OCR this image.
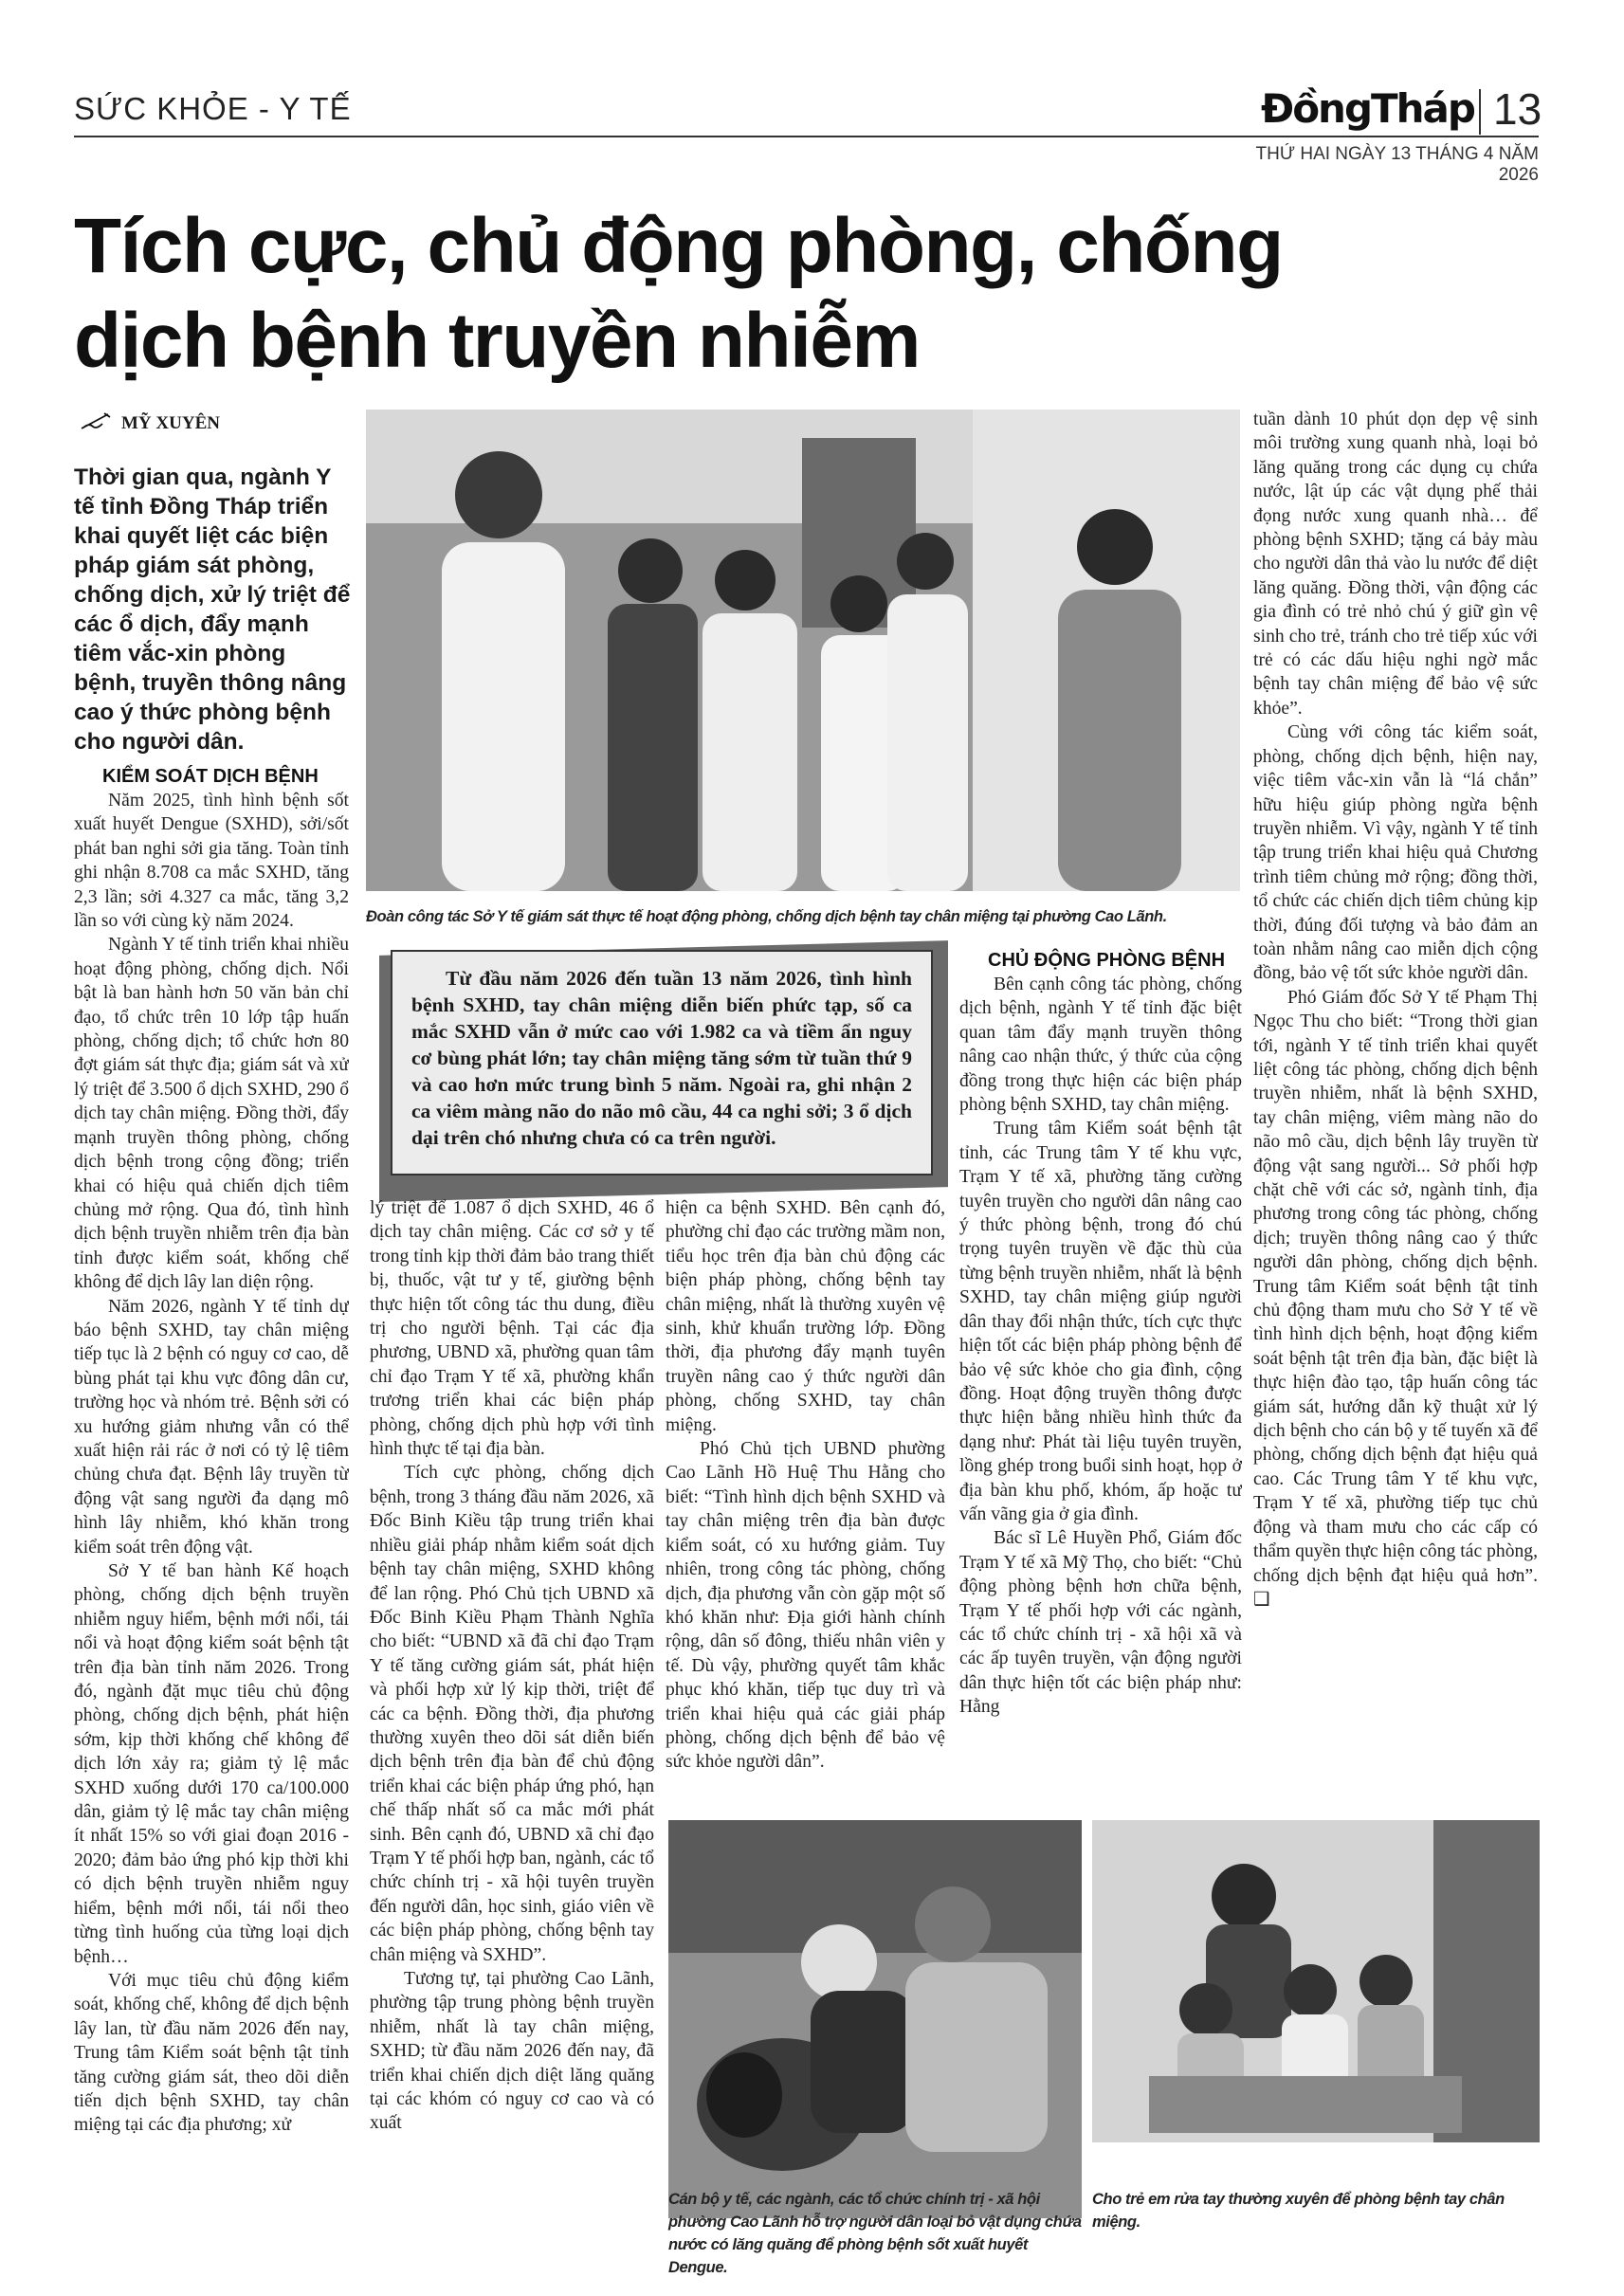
SỨC KHỎE - Y TẾ	ĐồngTháp 13
THỨ HAI NGÀY 13 THÁNG 4 NĂM 2026
Tích cực, chủ động phòng, chống
dịch bệnh truyền nhiễm
MỸ XUYÊN
Thời gian qua, ngành Y tế tỉnh Đồng Tháp triển khai quyết liệt các biện pháp giám sát phòng, chống dịch, xử lý triệt để các ổ dịch, đẩy mạnh tiêm vắc-xin phòng bệnh, truyền thông nâng cao ý thức phòng bệnh cho người dân.
KIỂM SOÁT DỊCH BỆNH

Năm 2025, tình hình bệnh sốt xuất huyết Dengue (SXHD), sởi/sốt phát ban nghi sởi gia tăng. Toàn tỉnh ghi nhận 8.708 ca mắc SXHD, tăng 2,3 lần; sởi 4.327 ca mắc, tăng 3,2 lần so với cùng kỳ năm 2024.

Ngành Y tế tỉnh triển khai nhiều hoạt động phòng, chống dịch. Nổi bật là ban hành hơn 50 văn bản chỉ đạo, tổ chức trên 10 lớp tập huấn phòng, chống dịch; tổ chức hơn 80 đợt giám sát thực địa; giám sát và xử lý triệt để 3.500 ổ dịch SXHD, 290 ổ dịch tay chân miệng. Đồng thời, đẩy mạnh truyền thông phòng, chống dịch bệnh trong cộng đồng; triển khai có hiệu quả chiến dịch tiêm chủng mở rộng. Qua đó, tình hình dịch bệnh truyền nhiễm trên địa bàn tỉnh được kiểm soát, khống chế không để dịch lây lan diện rộng.

Năm 2026, ngành Y tế tỉnh dự báo bệnh SXHD, tay chân miệng tiếp tục là 2 bệnh có nguy cơ cao, dễ bùng phát tại khu vực đông dân cư, trường học và nhóm trẻ. Bệnh sởi có xu hướng giảm nhưng vẫn có thể xuất hiện rải rác ở nơi có tỷ lệ tiêm chủng chưa đạt. Bệnh lây truyền từ động vật sang người đa dạng mô hình lây nhiễm, khó khăn trong kiểm soát trên động vật.

Sở Y tế ban hành Kế hoạch phòng, chống dịch bệnh truyền nhiễm nguy hiểm, bệnh mới nổi, tái nổi và hoạt động kiểm soát bệnh tật trên địa bàn tỉnh năm 2026. Trong đó, ngành đặt mục tiêu chủ động phòng, chống dịch bệnh, phát hiện sớm, kịp thời khống chế không để dịch lớn xảy ra; giảm tỷ lệ mắc SXHD xuống dưới 170 ca/100.000 dân, giảm tỷ lệ mắc tay chân miệng ít nhất 15% so với giai đoạn 2016 - 2020; đảm bảo ứng phó kịp thời khi có dịch bệnh truyền nhiễm nguy hiểm, bệnh mới nổi, tái nổi theo từng tình huống của từng loại dịch bệnh…

Với mục tiêu chủ động kiểm soát, khống chế, không để dịch bệnh lây lan, từ đầu năm 2026 đến nay, Trung tâm Kiểm soát bệnh tật tỉnh tăng cường giám sát, theo dõi diễn tiến dịch bệnh SXHD, tay chân miệng tại các địa phương; xử

Đoàn công tác Sở Y tế giám sát thực tế hoạt động phòng, chống dịch bệnh tay chân miệng tại phường Cao Lãnh.
Từ đầu năm 2026 đến tuần 13 năm 2026, tình hình bệnh SXHD, tay chân miệng diễn biến phức tạp, số ca mắc SXHD vẫn ở mức cao với 1.982 ca và tiềm ẩn nguy cơ bùng phát lớn; tay chân miệng tăng sớm từ tuần thứ 9 và cao hơn mức trung bình 5 năm. Ngoài ra, ghi nhận 2 ca viêm màng não do não mô cầu, 44 ca nghi sởi; 3 ổ dịch dại trên chó nhưng chưa có ca trên người.

lý triệt để 1.087 ổ dịch SXHD, 46 ổ dịch tay chân miệng. Các cơ sở y tế trong tỉnh kịp thời đảm bảo trang thiết bị, thuốc, vật tư y tế, giường bệnh thực hiện tốt công tác thu dung, điều trị cho người bệnh. Tại các địa phương, UBND xã, phường quan tâm chỉ đạo Trạm Y tế xã, phường khẩn trương triển khai các biện pháp phòng, chống dịch phù hợp với tình hình thực tế tại địa bàn.

Tích cực phòng, chống dịch bệnh, trong 3 tháng đầu năm 2026, xã Đốc Binh Kiều tập trung triển khai nhiều giải pháp nhằm kiểm soát dịch bệnh tay chân miệng, SXHD không để lan rộng. Phó Chủ tịch UBND xã Đốc Binh Kiều Phạm Thành Nghĩa cho biết: “UBND xã đã chỉ đạo Trạm Y tế tăng cường giám sát, phát hiện và phối hợp xử lý kịp thời, triệt để các ca bệnh. Đồng thời, địa phương thường xuyên theo dõi sát diễn biến dịch bệnh trên địa bàn để chủ động triển khai các biện pháp ứng phó, hạn chế thấp nhất số ca mắc mới phát sinh. Bên cạnh đó, UBND xã chỉ đạo Trạm Y tế phối hợp ban, ngành, các tổ chức chính trị - xã hội tuyên truyền đến người dân, học sinh, giáo viên về các biện pháp phòng, chống bệnh tay chân miệng và SXHD”.

Tương tự, tại phường Cao Lãnh, phường tập trung phòng bệnh truyền nhiễm, nhất là tay chân miệng, SXHD; từ đầu năm 2026 đến nay, đã triển khai chiến dịch diệt lăng quăng tại các khóm có nguy cơ cao và có xuất

hiện ca bệnh SXHD. Bên cạnh đó, phường chỉ đạo các trường mầm non, tiểu học trên địa bàn chủ động các biện pháp phòng, chống bệnh tay chân miệng, nhất là thường xuyên vệ sinh, khử khuẩn trường lớp. Đồng thời, địa phương đẩy mạnh tuyên truyền nâng cao ý thức người dân phòng, chống SXHD, tay chân miệng.

Phó Chủ tịch UBND phường Cao Lãnh Hồ Huệ Thu Hằng cho biết: “Tình hình dịch bệnh SXHD và tay chân miệng trên địa bàn được kiểm soát, có xu hướng giảm. Tuy nhiên, trong công tác phòng, chống dịch, địa phương vẫn còn gặp một số khó khăn như: Địa giới hành chính rộng, dân số đông, thiếu nhân viên y tế. Dù vậy, phường quyết tâm khắc phục khó khăn, tiếp tục duy trì và triển khai hiệu quả các giải pháp phòng, chống dịch bệnh để bảo vệ sức khỏe người dân”.

CHỦ ĐỘNG PHÒNG BỆNH

Bên cạnh công tác phòng, chống dịch bệnh, ngành Y tế tỉnh đặc biệt quan tâm đẩy mạnh truyền thông nâng cao nhận thức, ý thức của cộng đồng trong thực hiện các biện pháp phòng bệnh SXHD, tay chân miệng.

Trung tâm Kiểm soát bệnh tật tỉnh, các Trung tâm Y tế khu vực, Trạm Y tế xã, phường tăng cường tuyên truyền cho người dân nâng cao ý thức phòng bệnh, trong đó chú trọng tuyên truyền về đặc thù của từng bệnh truyền nhiễm, nhất là bệnh SXHD, tay chân miệng giúp người dân thay đổi nhận thức, tích cực thực hiện tốt các biện pháp phòng bệnh để bảo vệ sức khỏe cho gia đình, cộng đồng. Hoạt động truyền thông được thực hiện bằng nhiều hình thức đa dạng như: Phát tài liệu tuyên truyền, lồng ghép trong buổi sinh hoạt, họp ở địa bàn khu phố, khóm, ấp hoặc tư vấn vãng gia ở gia đình.

Bác sĩ Lê Huyền Phổ, Giám đốc Trạm Y tế xã Mỹ Thọ, cho biết: “Chủ động phòng bệnh hơn chữa bệnh, Trạm Y tế phối hợp với các ngành, các tổ chức chính trị - xã hội xã và các ấp tuyên truyền, vận động người dân thực hiện tốt các biện pháp như: Hằng

tuần dành 10 phút dọn dẹp vệ sinh môi trường xung quanh nhà, loại bỏ lăng quăng trong các dụng cụ chứa nước, lật úp các vật dụng phế thải đọng nước xung quanh nhà… để phòng bệnh SXHD; tặng cá bảy màu cho người dân thả vào lu nước để diệt lăng quăng. Đồng thời, vận động các gia đình có trẻ nhỏ chú ý giữ gìn vệ sinh cho trẻ, tránh cho trẻ tiếp xúc với trẻ có các dấu hiệu nghi ngờ mắc bệnh tay chân miệng để bảo vệ sức khỏe”.

Cùng với công tác kiểm soát, phòng, chống dịch bệnh, hiện nay, việc tiêm vắc-xin vẫn là “lá chắn” hữu hiệu giúp phòng ngừa bệnh truyền nhiễm. Vì vậy, ngành Y tế tỉnh tập trung triển khai hiệu quả Chương trình tiêm chủng mở rộng; đồng thời, tổ chức các chiến dịch tiêm chủng kịp thời, đúng đối tượng và bảo đảm an toàn nhằm nâng cao miễn dịch cộng đồng, bảo vệ tốt sức khỏe người dân.

Phó Giám đốc Sở Y tế Phạm Thị Ngọc Thu cho biết: “Trong thời gian tới, ngành Y tế tỉnh triển khai quyết liệt công tác phòng, chống dịch bệnh truyền nhiễm, nhất là bệnh SXHD, tay chân miệng, viêm màng não do não mô cầu, dịch bệnh lây truyền từ động vật sang người... Sở phối hợp chặt chẽ với các sở, ngành tỉnh, địa phương trong công tác phòng, chống dịch; truyền thông nâng cao ý thức người dân phòng, chống dịch bệnh. Trung tâm Kiểm soát bệnh tật tỉnh chủ động tham mưu cho Sở Y tế về tình hình dịch bệnh, hoạt động kiểm soát bệnh tật trên địa bàn, đặc biệt là thực hiện đào tạo, tập huấn công tác giám sát, hướng dẫn kỹ thuật xử lý dịch bệnh cho cán bộ y tế tuyến xã để phòng, chống dịch bệnh đạt hiệu quả cao. Các Trung tâm Y tế khu vực, Trạm Y tế xã, phường tiếp tục chủ động và tham mưu cho các cấp có thẩm quyền thực hiện công tác phòng, chống dịch bệnh đạt hiệu quả hơn”. ❑

Cán bộ y tế, các ngành, các tổ chức chính trị - xã hội phường Cao Lãnh hỗ trợ người dân loại bỏ vật dụng chứa nước có lăng quăng để phòng bệnh sốt xuất huyết Dengue.
Cho trẻ em rửa tay thường xuyên để phòng bệnh tay chân miệng.
